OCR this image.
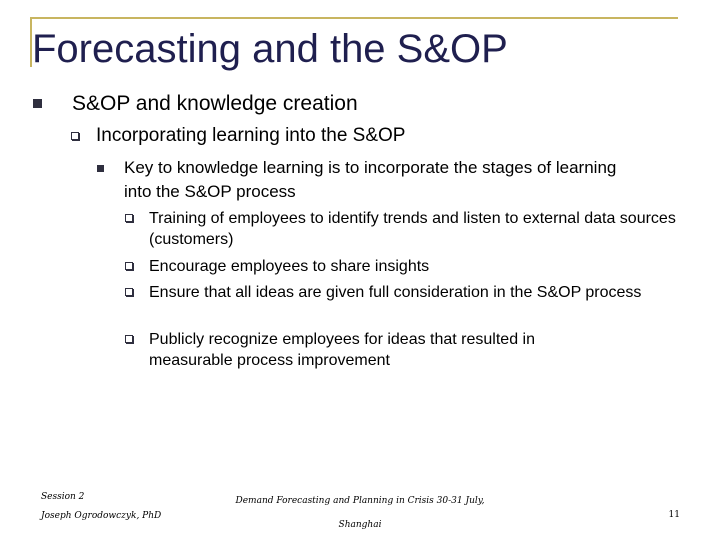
Forecasting and the S&OP
S&OP and knowledge creation
Incorporating learning into the S&OP
Key to knowledge learning is to incorporate the stages of learning into the S&OP process
Training of employees to identify trends and listen to external data sources (customers)
Encourage employees to share insights
Ensure that all ideas are given full consideration in the S&OP process
Publicly recognize employees for ideas that resulted in measurable process improvement
Session 2
Joseph Ogrodowczyk, PhD
Demand Forecasting and Planning in Crisis 30-31 July, Shanghai
11
